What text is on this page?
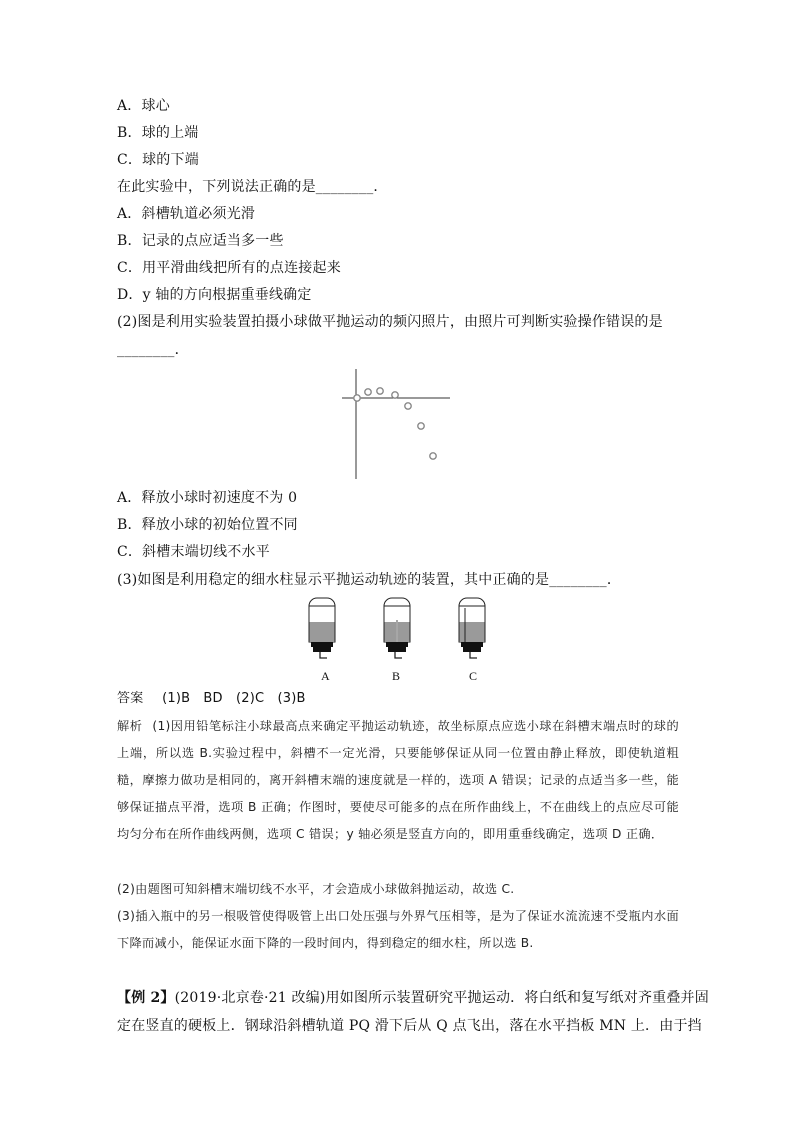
A．球心
B．球的上端
C．球的下端
在此实验中，下列说法正确的是________．
A．斜槽轨道必须光滑
B．记录的点应适当多一些
C．用平滑曲线把所有的点连接起来
D．y 轴的方向根据重垂线确定
(2)图是利用实验装置拍摄小球做平抛运动的频闪照片，由照片可判断实验操作错误的是
________．
A．释放小球时初速度不为 0
B．释放小球的初始位置不同
C．斜槽末端切线不水平
(3)如图是利用稳定的细水柱显示平抛运动轨迹的装置，其中正确的是________．
A	B	C
答案 (1)B　BD　(2)C　(3)B
解析 (1)因用铅笔标注小球最高点来确定平抛运动轨迹，故坐标原点应选小球在斜槽末端点时的球的上端，所以选 B.实验过程中，斜槽不一定光滑，只要能够保证从同一位置由静止释放，即使轨道粗糙，摩擦力做功是相同的，离开斜槽末端的速度就是一样的，选项 A 错误；记录的点适当多一些，能够保证描点平滑，选项 B 正确；作图时，要使尽可能多的点在所作曲线上，不在曲线上的点应尽可能均匀分布在所作曲线两侧，选项 C 错误；y 轴必须是竖直方向的，即用重垂线确定，选项 D 正确．
(2)由题图可知斜槽末端切线不水平，才会造成小球做斜抛运动，故选 C.
(3)插入瓶中的另一根吸管使得吸管上出口处压强与外界气压相等，是为了保证水流流速不受瓶内水面下降而减小，能保证水面下降的一段时间内，得到稳定的细水柱，所以选 B.
【例 2】(2019·北京卷·21 改编)用如图所示装置研究平抛运动．将白纸和复写纸对齐重叠并固
定在竖直的硬板上．钢球沿斜槽轨道 PQ 滑下后从 Q 点飞出，落在水平挡板 MN 上．由于挡
